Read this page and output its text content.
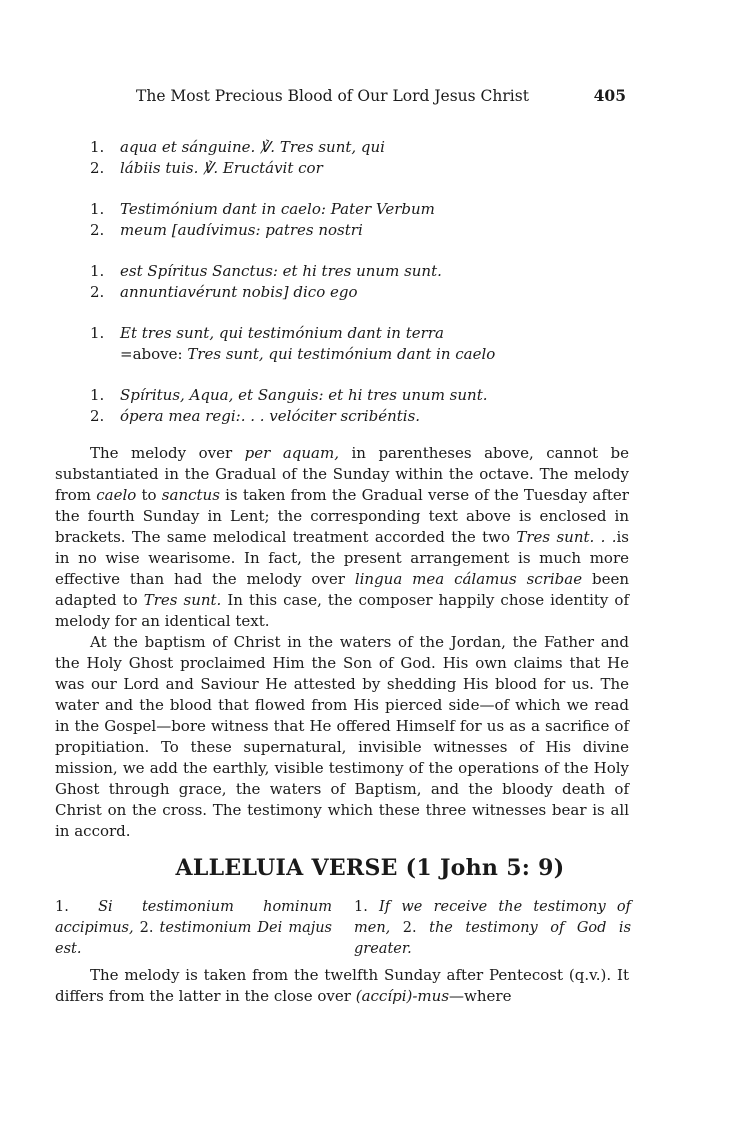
The Most Precious Blood of Our Lord Jesus Christ	405
1. aqua et sánguine. ℣. Tres sunt, qui
2. lábiis tuis. ℣. Eructávit cor
1. Testimónium dant in caelo: Pater Verbum
2. meum [audívimus: patres nostri
1. est Spíritus Sanctus: et hi tres unum sunt.
2. annuntiavérunt nobis] dico ego
1. Et tres sunt, qui testimónium dant in terra
=above: Tres sunt, qui testimónium dant in caelo
1. Spíritus, Aqua, et Sanguis: et hi tres unum sunt.
2. ópera mea regi:. . . velóciter scribéntis.

The melody over per aquam, in parentheses above, cannot be substantiated in the Gradual of the Sunday within the octave. The melody from caelo to sanctus is taken from the Gradual verse of the Tuesday after the fourth Sunday in Lent; the corresponding text above is enclosed in brackets. The same melodical treatment accorded the two Tres sunt. . .is in no wise wearisome. In fact, the present arrangement is much more effective than had the melody over lingua mea cálamus scribae been adapted to Tres sunt. In this case, the composer happily chose identity of melody for an identical text.

At the baptism of Christ in the waters of the Jordan, the Father and the Holy Ghost proclaimed Him the Son of God. His own claims that He was our Lord and Saviour He attested by shedding His blood for us. The water and the blood that flowed from His pierced side—of which we read in the Gospel—bore witness that He offered Himself for us as a sacrifice of propitiation. To these supernatural, invisible witnesses of His divine mission, we add the earthly, visible testimony of the operations of the Holy Ghost through grace, the waters of Baptism, and the bloody death of Christ on the cross. The testimony which these three witnesses bear is all in accord.

ALLELUIA VERSE (1 John 5: 9)
1. Si testimonium hominum accipimus, 2. testimonium Dei majus est.
1. If we receive the testimony of men, 2. the testimony of God is greater.

The melody is taken from the twelfth Sunday after Pentecost (q.v.). It differs from the latter in the close over (accípi)-mus—where
